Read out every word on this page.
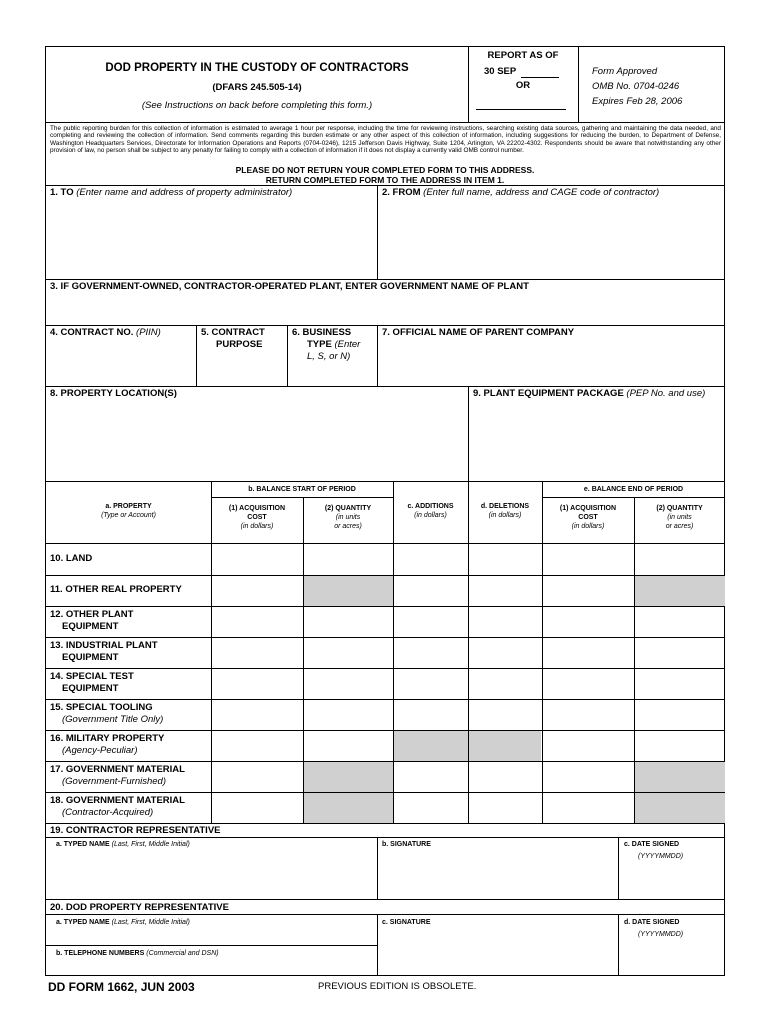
DOD PROPERTY IN THE CUSTODY OF CONTRACTORS
(DFARS 245.505-14)
(See Instructions on back before completing this form.)
REPORT AS OF
30 SEP
OR
Form Approved
OMB No. 0704-0246
Expires Feb 28, 2006
The public reporting burden for this collection of information is estimated to average 1 hour per response, including the time for reviewing instructions, searching existing data sources, gathering and maintaining the data needed, and completing and reviewing the collection of information. Send comments regarding this burden estimate or any other aspect of this collection of information, including suggestions for reducing the burden, to Department of Defense, Washington Headquarters Services, Directorate for Information Operations and Reports (0704-0246), 1215 Jefferson Davis Highway, Suite 1204, Arlington, VA 22202-4302. Respondents should be aware that notwithstanding any other provision of law, no person shall be subject to any penalty for failing to comply with a collection of information if it does not display a currently valid OMB control number.
PLEASE DO NOT RETURN YOUR COMPLETED FORM TO THIS ADDRESS.
RETURN COMPLETED FORM TO THE ADDRESS IN ITEM 1.
1. TO (Enter name and address of property administrator)	2. FROM (Enter full name, address and CAGE code of contractor)
3. IF GOVERNMENT-OWNED, CONTRACTOR-OPERATED PLANT, ENTER GOVERNMENT NAME OF PLANT
4. CONTRACT NO. (PIIN)	5. CONTRACT
PURPOSE
6. BUSINESS
TYPE (Enter
L, S, or N)
7. OFFICIAL NAME OF PARENT COMPANY
8. PROPERTY LOCATION(S)	9. PLANT EQUIPMENT PACKAGE (PEP No. and use)
b. BALANCE START OF PERIOD	e. BALANCE END OF PERIOD
a. PROPERTY
(Type or Account)
(1) ACQUISITION
COST
(in dollars)
(2) QUANTITY
(in units
or acres)
c. ADDITIONS
(in dollars)
d. DELETIONS
(in dollars)
(1) ACQUISITION
COST
(in dollars)
(2) QUANTITY
(in units
or acres)
10. LAND
11. OTHER REAL PROPERTY
12. OTHER PLANT
EQUIPMENT
13. INDUSTRIAL PLANT
EQUIPMENT
14. SPECIAL TEST
EQUIPMENT
15. SPECIAL TOOLING
(Government Title Only)
16. MILITARY PROPERTY
(Agency-Peculiar)
17. GOVERNMENT MATERIAL
(Government-Furnished)
18. GOVERNMENT MATERIAL
(Contractor-Acquired)
19. CONTRACTOR REPRESENTATIVE
a. TYPED NAME (Last, First, Middle Initial)	b. SIGNATURE	c. DATE SIGNED
(YYYYMMDD)
20. DOD PROPERTY REPRESENTATIVE
a. TYPED NAME (Last, First, Middle Initial)
b. TELEPHONE NUMBERS (Commercial and DSN)
c. SIGNATURE	d. DATE SIGNED
(YYYYMMDD)
DD FORM 1662, JUN 2003	PREVIOUS EDITION IS OBSOLETE.
